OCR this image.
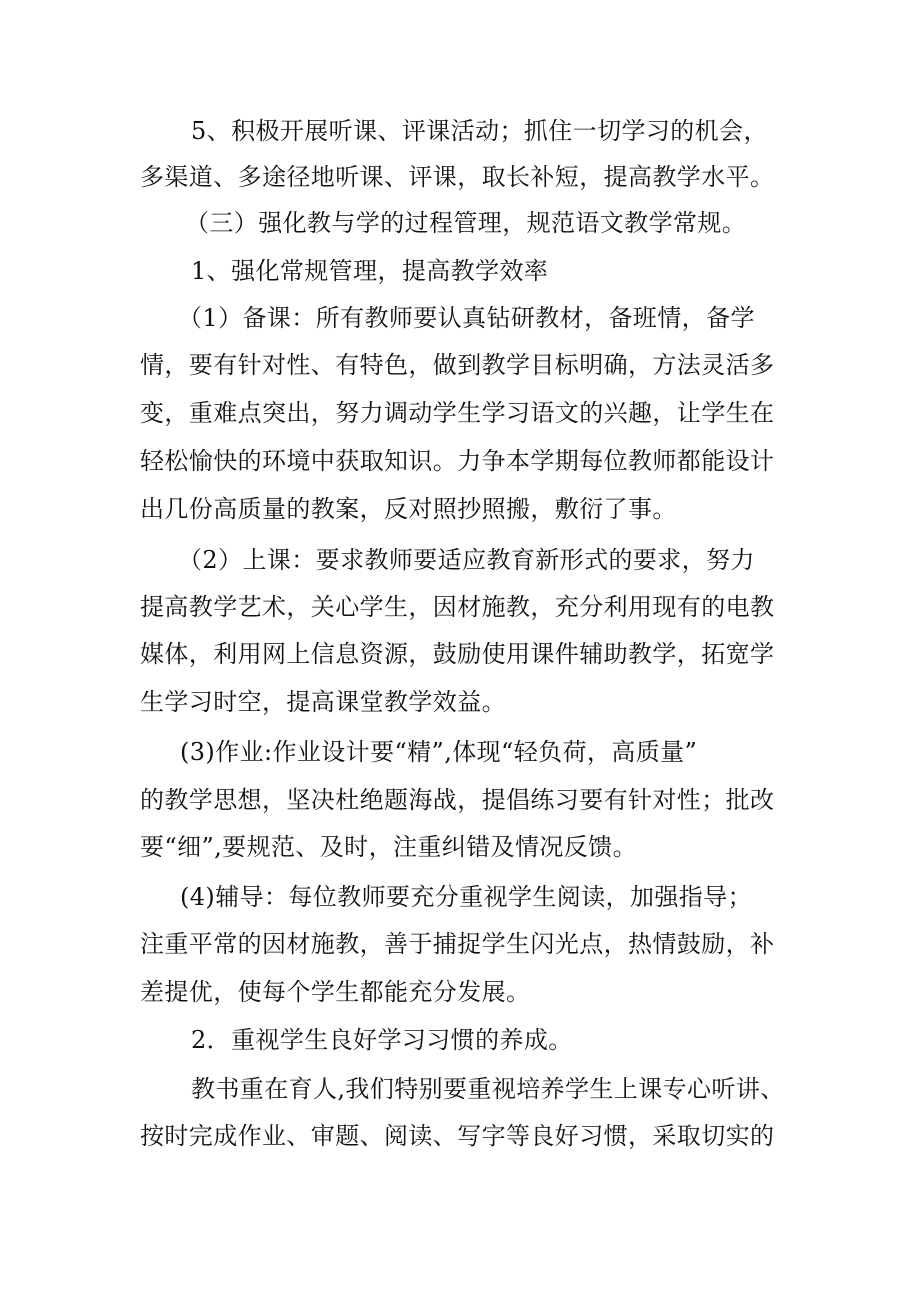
5、积极开展听课、评课活动；抓住一切学习的机会，
多渠道、多途径地听课、评课，取长补短，提高教学水平。
（三）强化教与学的过程管理，规范语文教学常规。
1、强化常规管理，提高教学效率
（1）备课：所有教师要认真钻研教材，备班情，备学
情，要有针对性、有特色，做到教学目标明确，方法灵活多
变，重难点突出，努力调动学生学习语文的兴趣，让学生在
轻松愉快的环境中获取知识。力争本学期每位教师都能设计
出几份高质量的教案，反对照抄照搬，敷衍了事。
（2）上课：要求教师要适应教育新形式的要求，努力
提高教学艺术，关心学生，因材施教，充分利用现有的电教
媒体，利用网上信息资源，鼓励使用课件辅助教学，拓宽学
生学习时空，提高课堂教学效益。
(3)作业:作业设计要“精”,体现“轻负荷，高质量”
的教学思想，坚决杜绝题海战，提倡练习要有针对性；批改
要“细”,要规范、及时，注重纠错及情况反馈。
(4)辅导：每位教师要充分重视学生阅读，加强指导；
注重平常的因材施教，善于捕捉学生闪光点，热情鼓励，补
差提优，使每个学生都能充分发展。
2．重视学生良好学习习惯的养成。
教书重在育人,我们特别要重视培养学生上课专心听讲、
按时完成作业、审题、阅读、写字等良好习惯，采取切实的
